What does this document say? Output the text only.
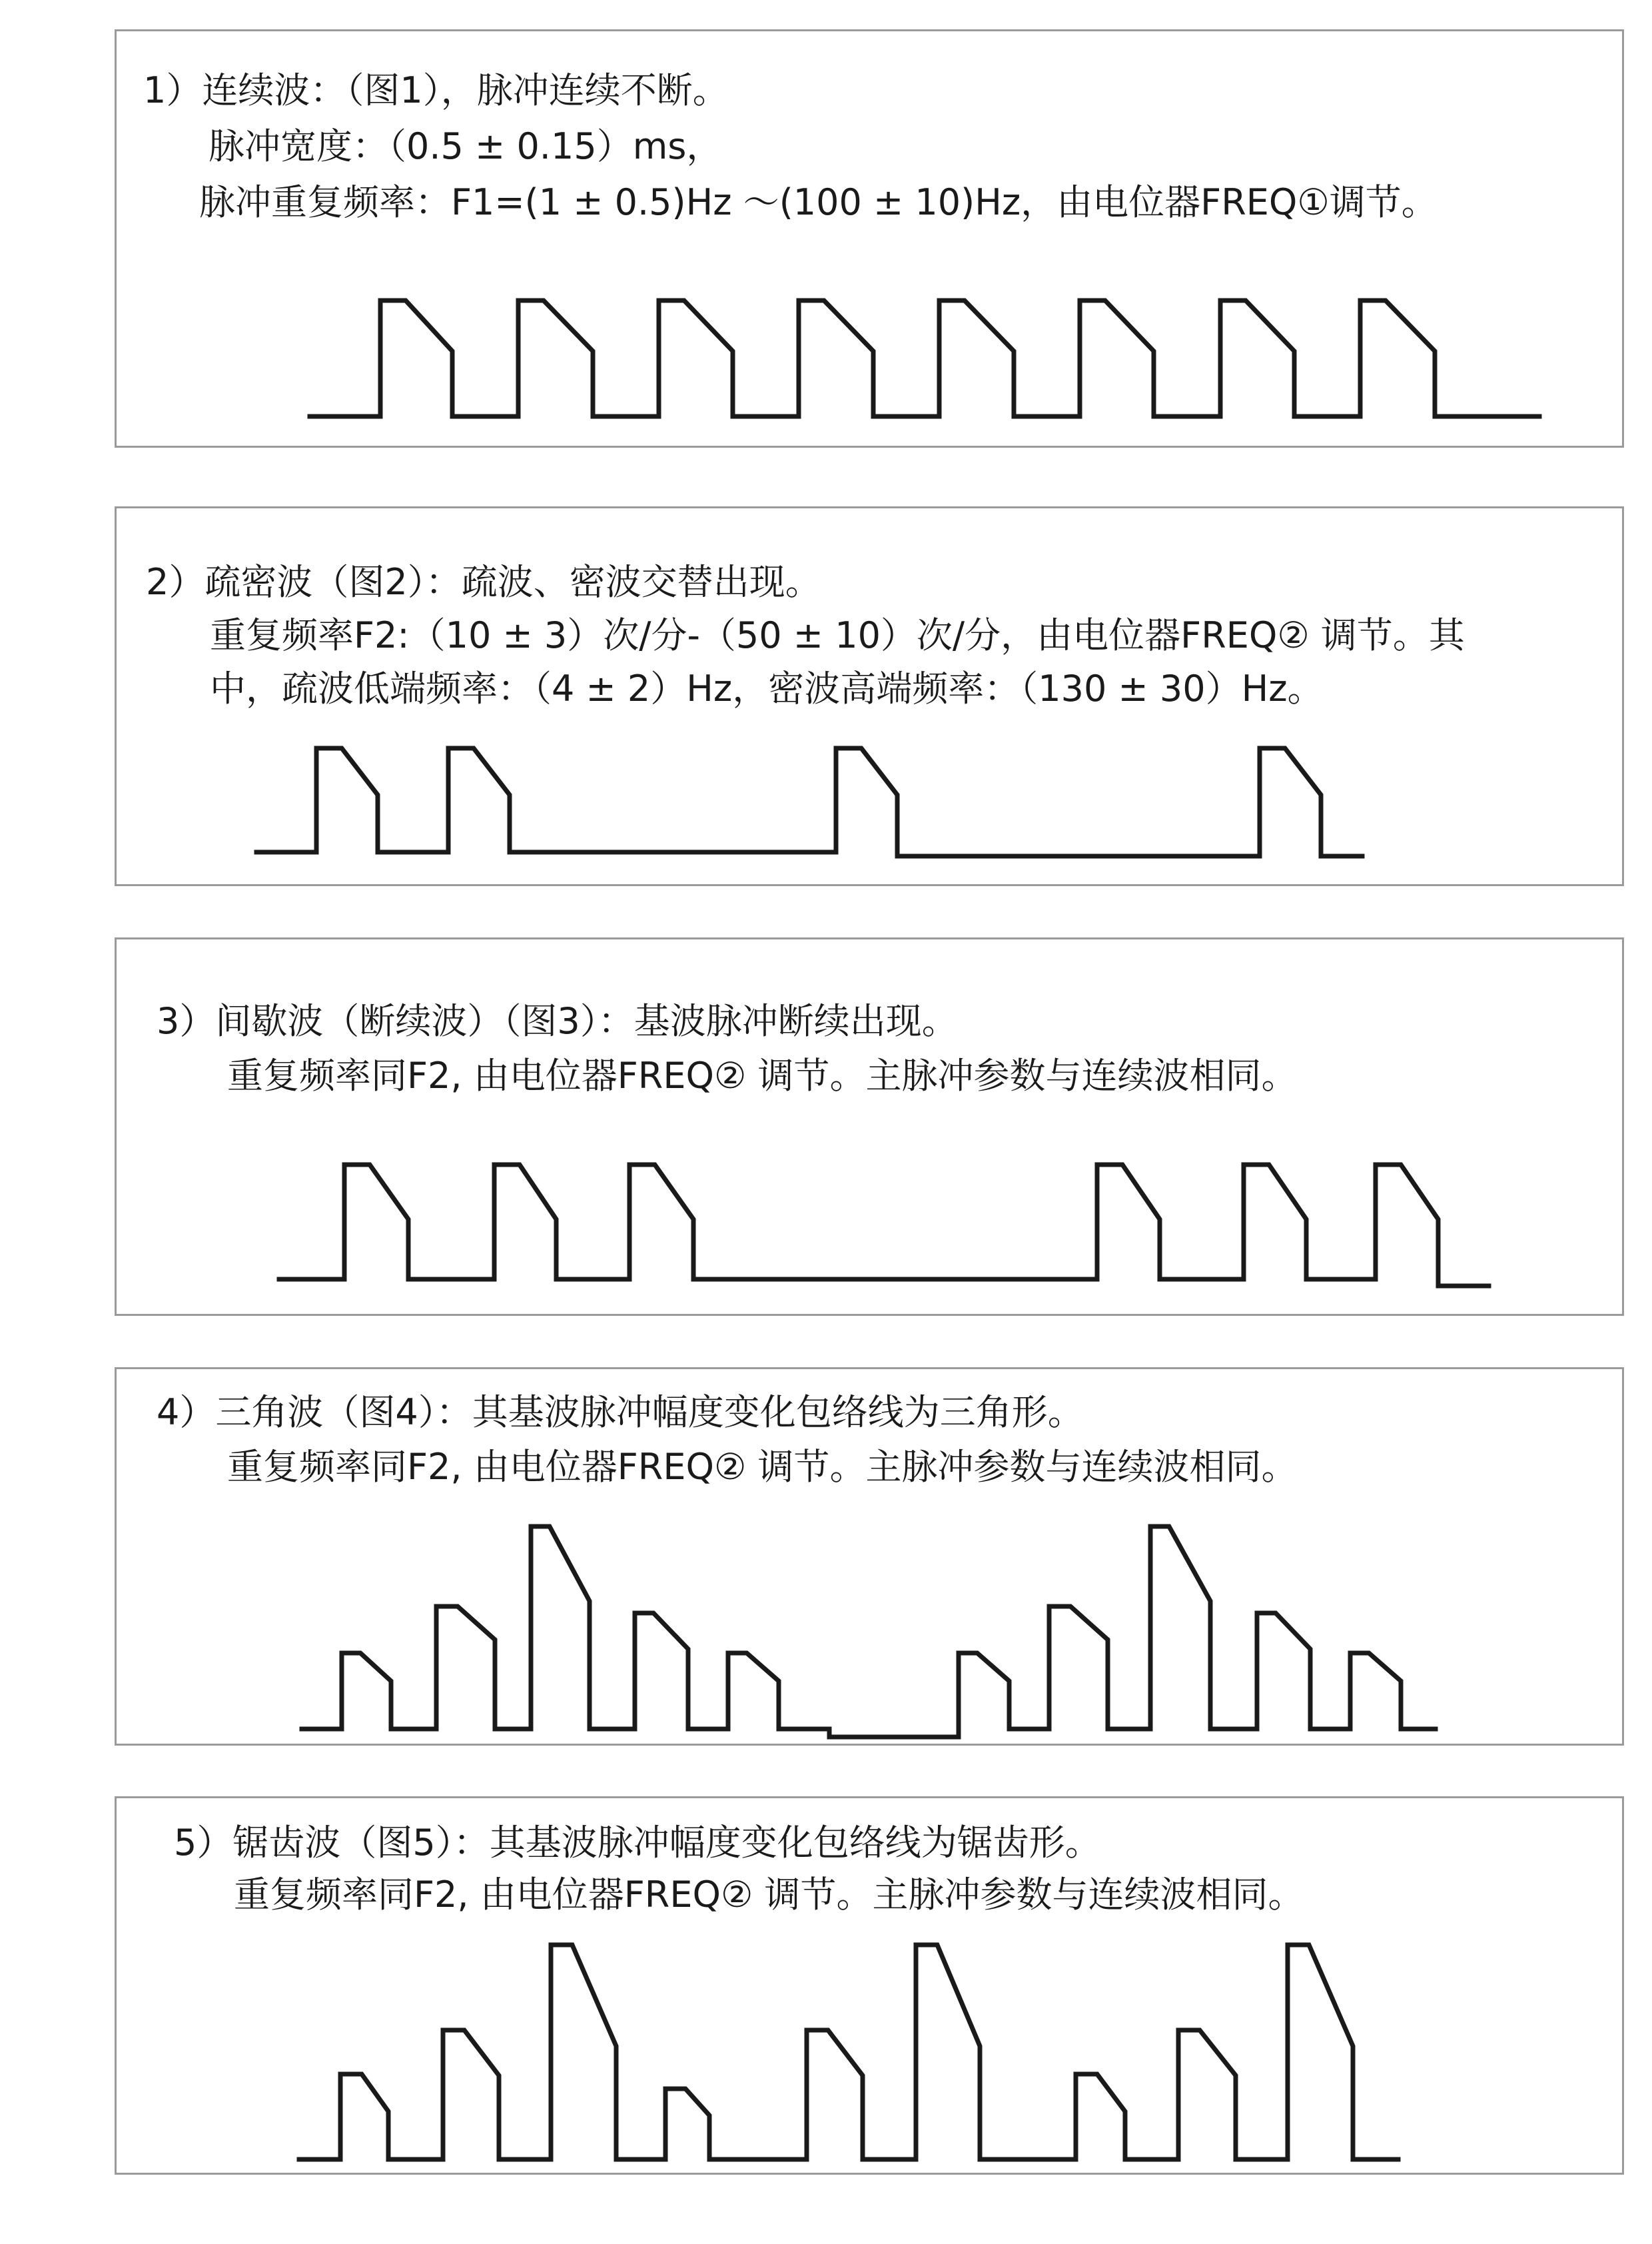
1）连续波：（图1），脉冲连续不断。
脉冲宽度：（0.5 ± 0.15）ms，
脉冲重复频率：F1=(1 ± 0.5)Hz ～(100 ± 10)Hz，由电位器FREQ①调节。
2）疏密波（图2）：疏波、密波交替出现。
重复频率F2:（10 ± 3）次/分-（50 ± 10）次/分，由电位器FREQ② 调节。其
中，疏波低端频率：（4 ± 2）Hz，密波高端频率：（130 ± 30）Hz。
3）间歇波（断续波）（图3）：基波脉冲断续出现。
重复频率同F2, 由电位器FREQ② 调节。主脉冲参数与连续波相同。
4）三角波（图4）：其基波脉冲幅度变化包络线为三角形。
重复频率同F2, 由电位器FREQ② 调节。主脉冲参数与连续波相同。
5）锯齿波（图5）：其基波脉冲幅度变化包络线为锯齿形。
重复频率同F2, 由电位器FREQ② 调节。主脉冲参数与连续波相同。
